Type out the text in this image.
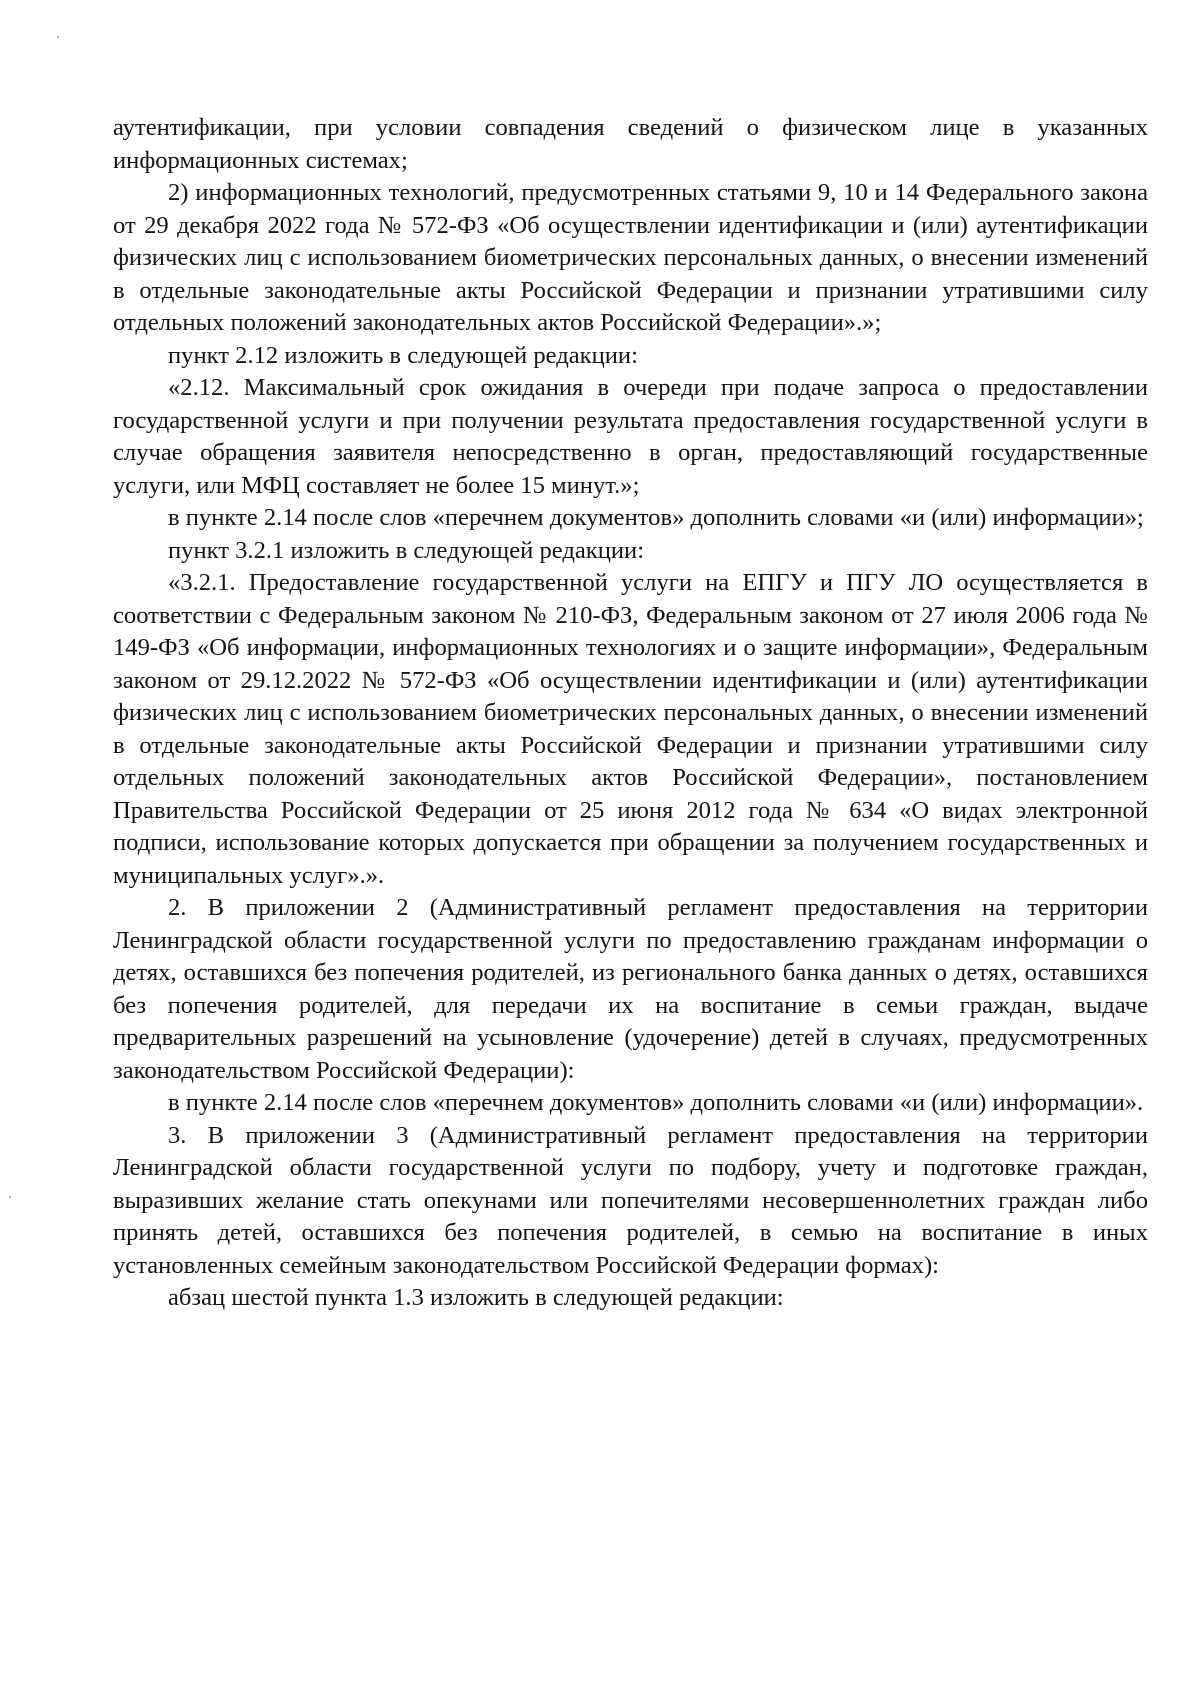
аутентификации, при условии совпадения сведений о физическом лице в указанных информационных системах;

2) информационных технологий, предусмотренных статьями 9, 10 и 14 Федерального закона от 29 декабря 2022 года № 572-ФЗ «Об осуществлении идентификации и (или) аутентификации физических лиц с использованием биометрических персональных данных, о внесении изменений в отдельные законодательные акты Российской Федерации и признании утратившими силу отдельных положений законодательных актов Российской Федерации».»;

пункт 2.12 изложить в следующей редакции:

«2.12. Максимальный срок ожидания в очереди при подаче запроса о предоставлении государственной услуги и при получении результата предоставления государственной услуги в случае обращения заявителя непосредственно в орган, предоставляющий государственные услуги, или МФЦ составляет не более 15 минут.»;

в пункте 2.14 после слов «перечнем документов» дополнить словами «и (или) информации»;

пункт 3.2.1 изложить в следующей редакции:

«3.2.1. Предоставление государственной услуги на ЕПГУ и ПГУ ЛО осуществляется в соответствии с Федеральным законом № 210-ФЗ, Федеральным законом от 27 июля 2006 года № 149-ФЗ «Об информации, информационных технологиях и о защите информации», Федеральным законом от 29.12.2022 № 572-ФЗ «Об осуществлении идентификации и (или) аутентификации физических лиц с использованием биометрических персональных данных, о внесении изменений в отдельные законодательные акты Российской Федерации и признании утратившими силу отдельных положений законодательных актов Российской Федерации», постановлением Правительства Российской Федерации от 25 июня 2012 года № 634 «О видах электронной подписи, использование которых допускается при обращении за получением государственных и муниципальных услуг».».

2. В приложении 2 (Административный регламент предоставления на территории Ленинградской области государственной услуги по предоставлению гражданам информации о детях, оставшихся без попечения родителей, из регионального банка данных о детях, оставшихся без попечения родителей, для передачи их на воспитание в семьи граждан, выдаче предварительных разрешений на усыновление (удочерение) детей в случаях, предусмотренных законодательством Российской Федерации):

в пункте 2.14 после слов «перечнем документов» дополнить словами «и (или) информации».

3. В приложении 3 (Административный регламент предоставления на территории Ленинградской области государственной услуги по подбору, учету и подготовке граждан, выразивших желание стать опекунами или попечителями несовершеннолетних граждан либо принять детей, оставшихся без попечения родителей, в семью на воспитание в иных установленных семейным законодательством Российской Федерации формах):

абзац шестой пункта 1.3 изложить в следующей редакции:
